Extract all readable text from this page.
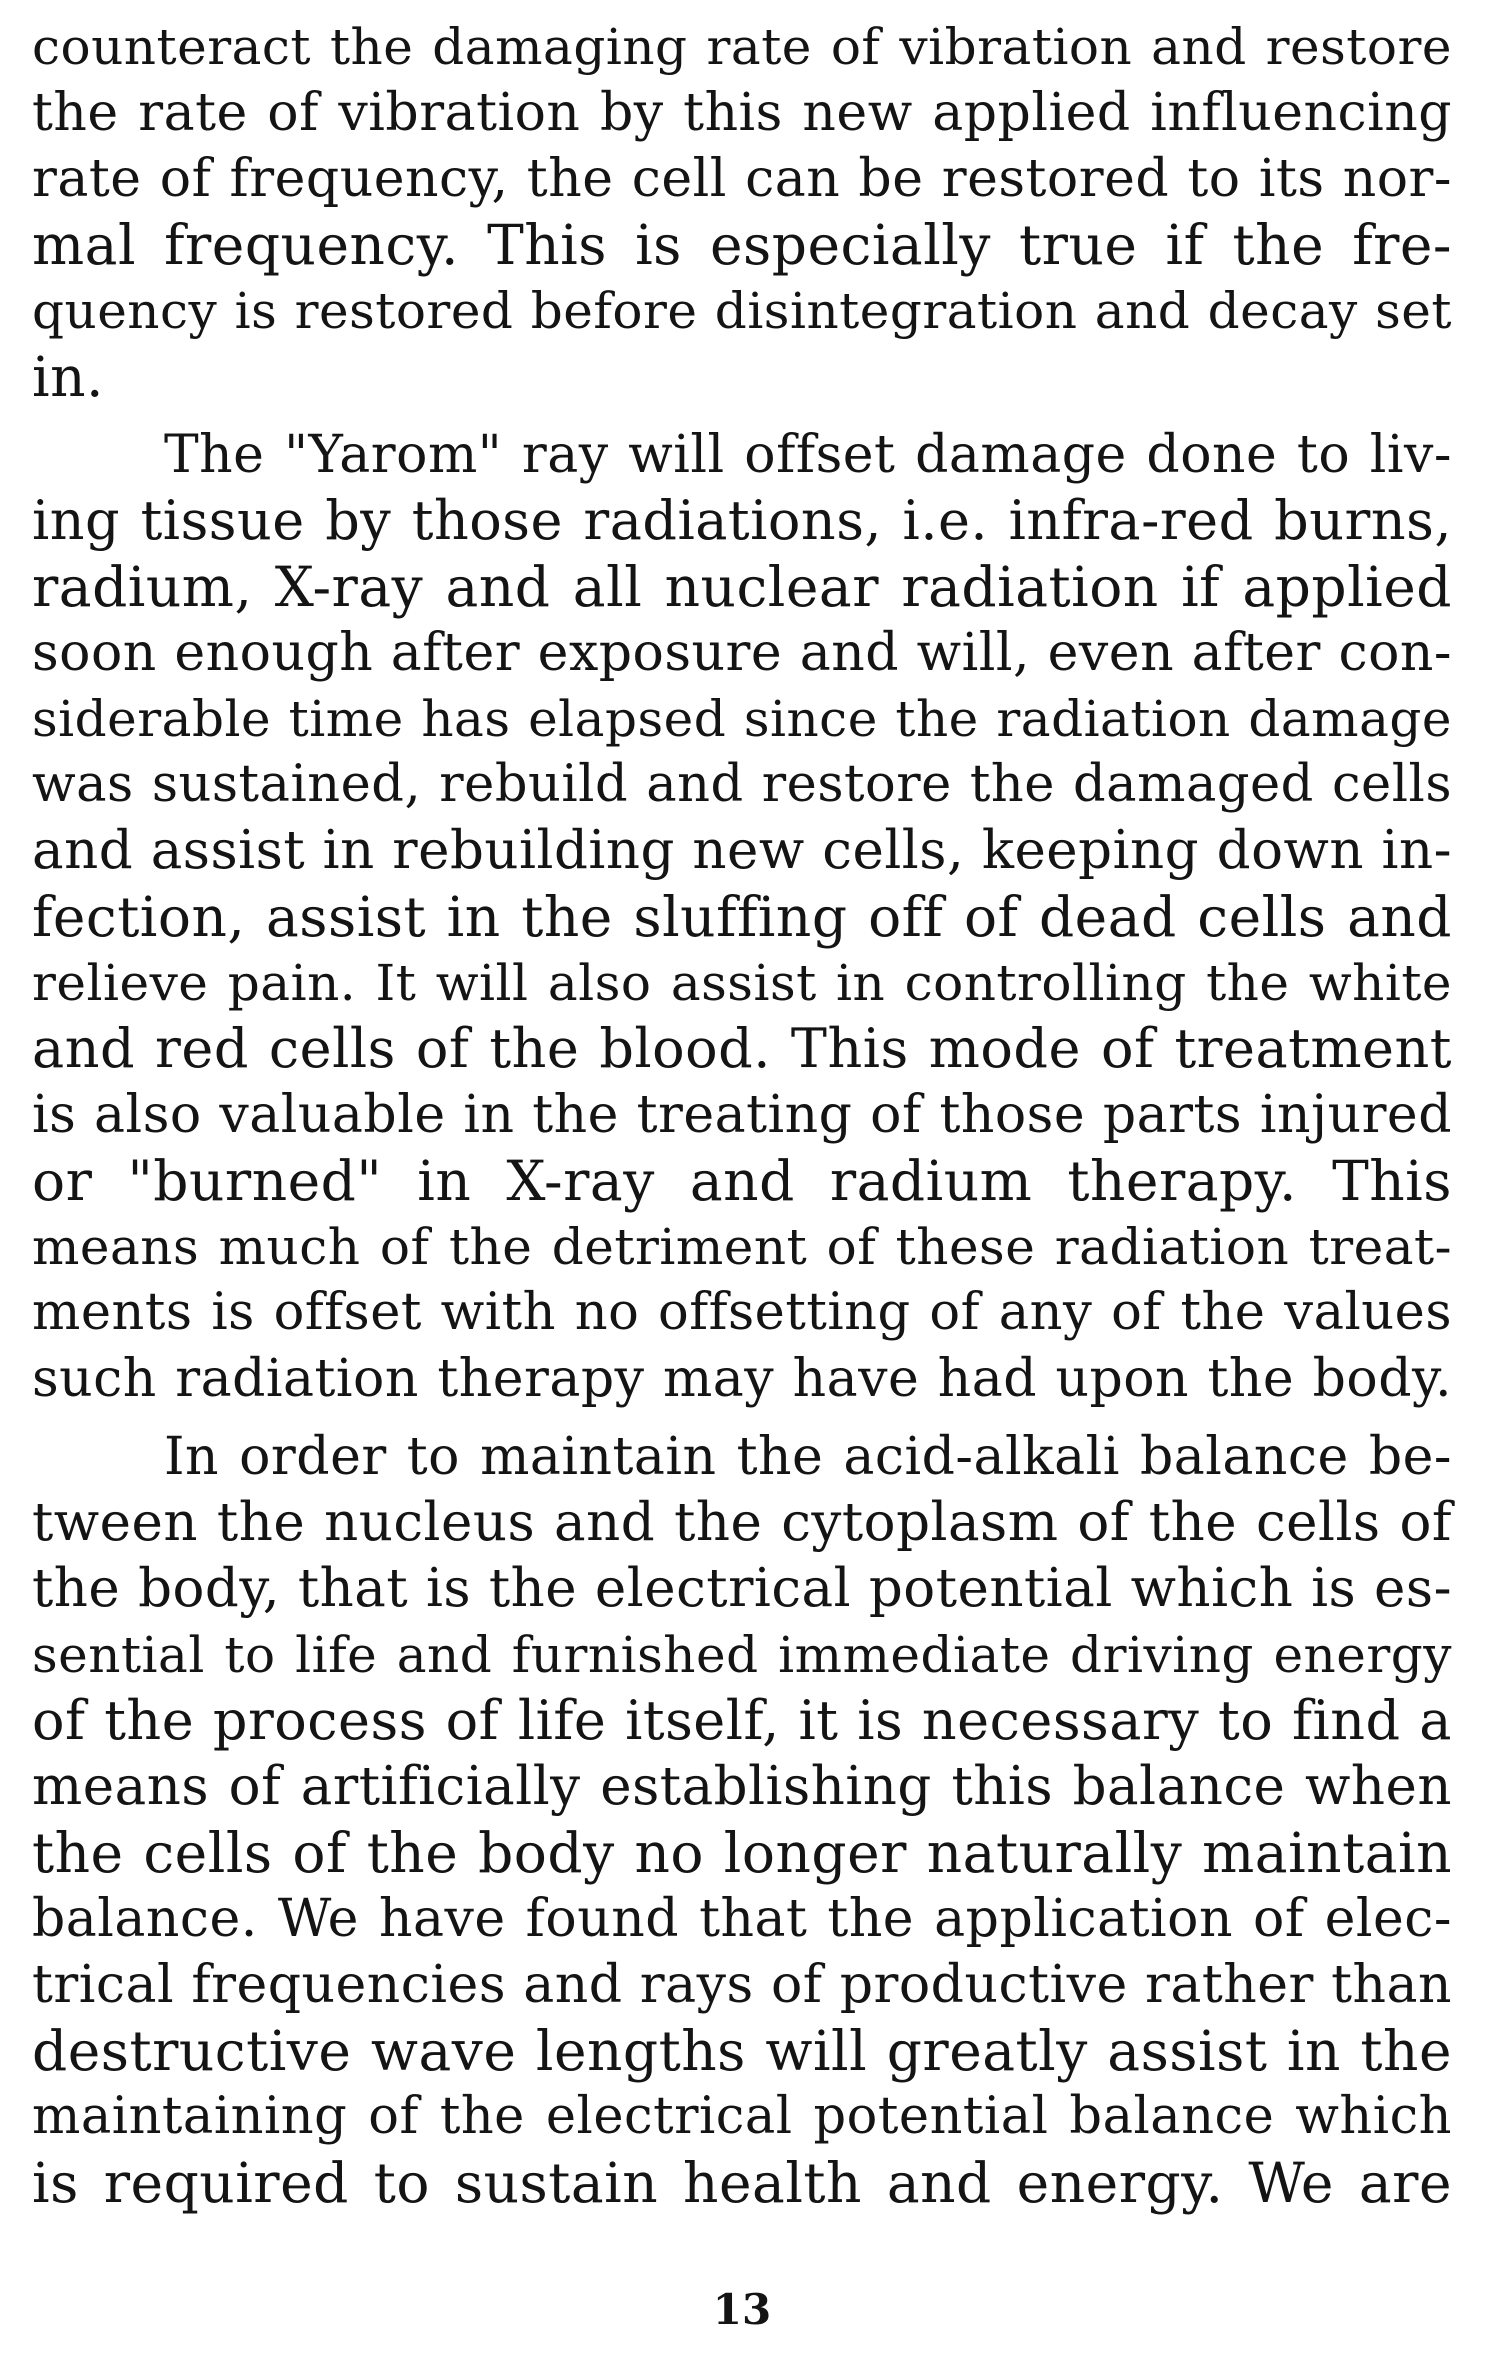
counteract the damaging rate of vibration and restore
the rate of vibration by this new applied influencing
rate of frequency, the cell can be restored to its nor-
mal frequency. This is especially true if the fre-
quency is restored before disintegration and decay set
in.
The "Yarom" ray will offset damage done to liv-
ing tissue by those radiations, i.e. infra-red burns,
radium, X-ray and all nuclear radiation if applied
soon enough after exposure and will, even after con-
siderable time has elapsed since the radiation damage
was sustained, rebuild and restore the damaged cells
and assist in rebuilding new cells, keeping down in-
fection, assist in the sluffing off of dead cells and
relieve pain. It will also assist in controlling the white
and red cells of the blood. This mode of treatment
is also valuable in the treating of those parts injured
or "burned" in X-ray and radium therapy. This
means much of the detriment of these radiation treat-
ments is offset with no offsetting of any of the values
such radiation therapy may have had upon the body.
In order to maintain the acid-alkali balance be-
tween the nucleus and the cytoplasm of the cells of
the body, that is the electrical potential which is es-
sential to life and furnished immediate driving energy
of the process of life itself, it is necessary to find a
means of artificially establishing this balance when
the cells of the body no longer naturally maintain
balance. We have found that the application of elec-
trical frequencies and rays of productive rather than
destructive wave lengths will greatly assist in the
maintaining of the electrical potential balance which
is required to sustain health and energy. We are
13
